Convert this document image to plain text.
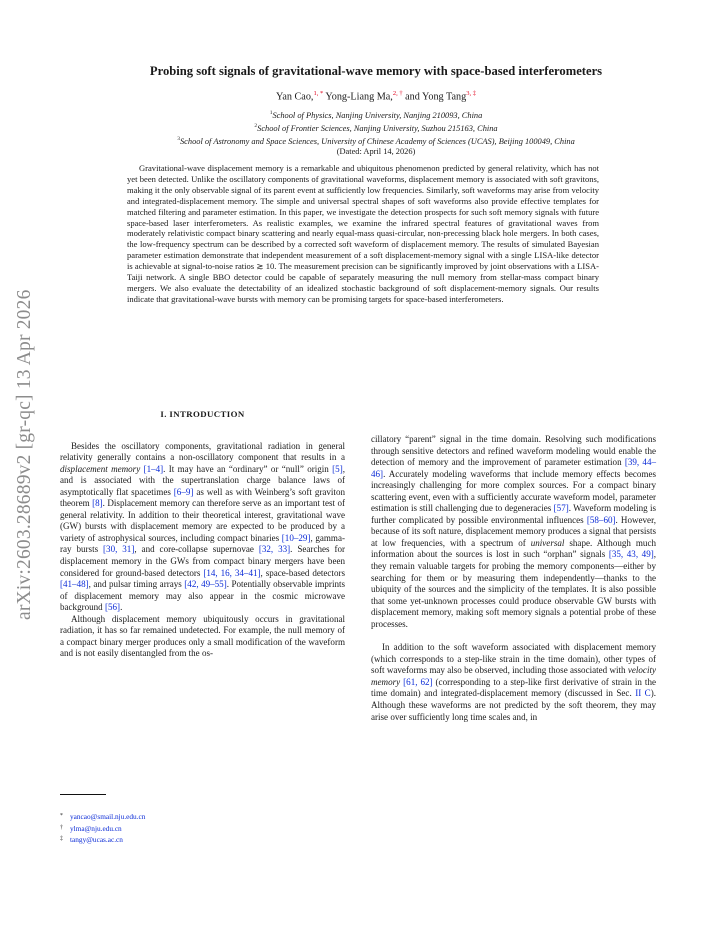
arXiv:2603.28689v2 [gr-qc] 13 Apr 2026
Probing soft signals of gravitational-wave memory with space-based interferometers
Yan Cao,$^{1, *}$ Yong-Liang Ma,$^{2, \dagger}$ and Yong Tang$^{3, \ddagger}$
$^1$School of Physics, Nanjing University, Nanjing 210093, China
$^2$School of Frontier Sciences, Nanjing University, Suzhou 215163, China
$^3$School of Astronomy and Space Sciences, University of Chinese Academy of Sciences (UCAS), Beijing 100049, China
(Dated: April 14, 2026)
Gravitational-wave displacement memory is a remarkable and ubiquitous phenomenon predicted by general relativity, which has not yet been detected. Unlike the oscillatory components of gravitational waveforms, displacement memory is associated with soft gravitons, making it the only observable signal of its parent event at sufficiently low frequencies. Similarly, soft waveforms may arise from velocity and integrated-displacement memory. The simple and universal spectral shapes of soft waveforms also provide effective templates for matched filtering and parameter estimation. In this paper, we investigate the detection prospects for such soft memory signals with future space-based laser interferometers. As realistic examples, we examine the infrared spectral features of gravitational waves from moderately relativistic compact binary scattering and nearly equal-mass quasi-circular, non-precessing black hole mergers. In both cases, the low-frequency spectrum can be described by a corrected soft waveform of displacement memory. The results of simulated Bayesian parameter estimation demonstrate that independent measurement of a soft displacement-memory signal with a single LISA-like detector is achievable at signal-to-noise ratios ≳ 10. The measurement precision can be significantly improved by joint observations with a LISA-Taiji network. A single BBO detector could be capable of separately measuring the null memory from stellar-mass compact binary mergers. We also evaluate the detectability of an idealized stochastic background of soft displacement-memory signals. Our results indicate that gravitational-wave bursts with memory can be promising targets for space-based interferometers.
I. INTRODUCTION

Besides the oscillatory components, gravitational radiation in general relativity generally contains a non-oscillatory component that results in a displacement memory [1–4]. It may have an “ordinary” or “null” origin [5], and is associated with the supertranslation charge balance laws of asymptotically flat spacetimes [6–9] as well as with Weinberg’s soft graviton theorem [8]. Displacement memory can therefore serve as an important test of general relativity. In addition to their theoretical interest, gravitational wave (GW) bursts with displacement memory are expected to be produced by a variety of astrophysical sources, including compact binaries [10–29], gamma-ray bursts [30, 31], and core-collapse supernovae [32, 33]. Searches for displacement memory in the GWs from compact binary mergers have been considered for ground-based detectors [14, 16, 34–41], space-based detectors [41–48], and pulsar timing arrays [42, 49–55]. Potentially observable imprints of displacement memory may also appear in the cosmic microwave background [56].

Although displacement memory ubiquitously occurs in gravitational radiation, it has so far remained undetected. For example, the null memory of a compact binary merger produces only a small modification of the waveform and is not easily disentangled from the os-

cillatory “parent” signal in the time domain. Resolving such modifications through sensitive detectors and refined waveform modeling would enable the detection of memory and the improvement of parameter estimation [39, 44–46]. Accurately modeling waveforms that include memory effects becomes increasingly challenging for more complex sources. For a compact binary scattering event, even with a sufficiently accurate waveform model, parameter estimation is still challenging due to degeneracies [57]. Waveform modeling is further complicated by possible environmental influences [58–60]. However, because of its soft nature, displacement memory produces a signal that persists at low frequencies, with a spectrum of universal shape. Although much information about the sources is lost in such “orphan” signals [35, 43, 49], they remain valuable targets for probing the memory components—either by searching for them or by measuring them independently—thanks to the ubiquity of the sources and the simplicity of the templates. It is also possible that some yet-unknown processes could produce observable GW bursts with displacement memory, making soft memory signals a potential probe of these processes.

In addition to the soft waveform associated with displacement memory (which corresponds to a step-like strain in the time domain), other types of soft waveforms may also be observed, including those associated with velocity memory [61, 62] (corresponding to a step-like first derivative of strain in the time domain) and integrated-displacement memory (discussed in Sec. II C). Although these waveforms are not predicted by the soft theorem, they may arise over sufficiently long time scales and, in

* yancao@smail.nju.edu.cn
† ylma@nju.edu.cn
‡ tangy@ucas.ac.cn
